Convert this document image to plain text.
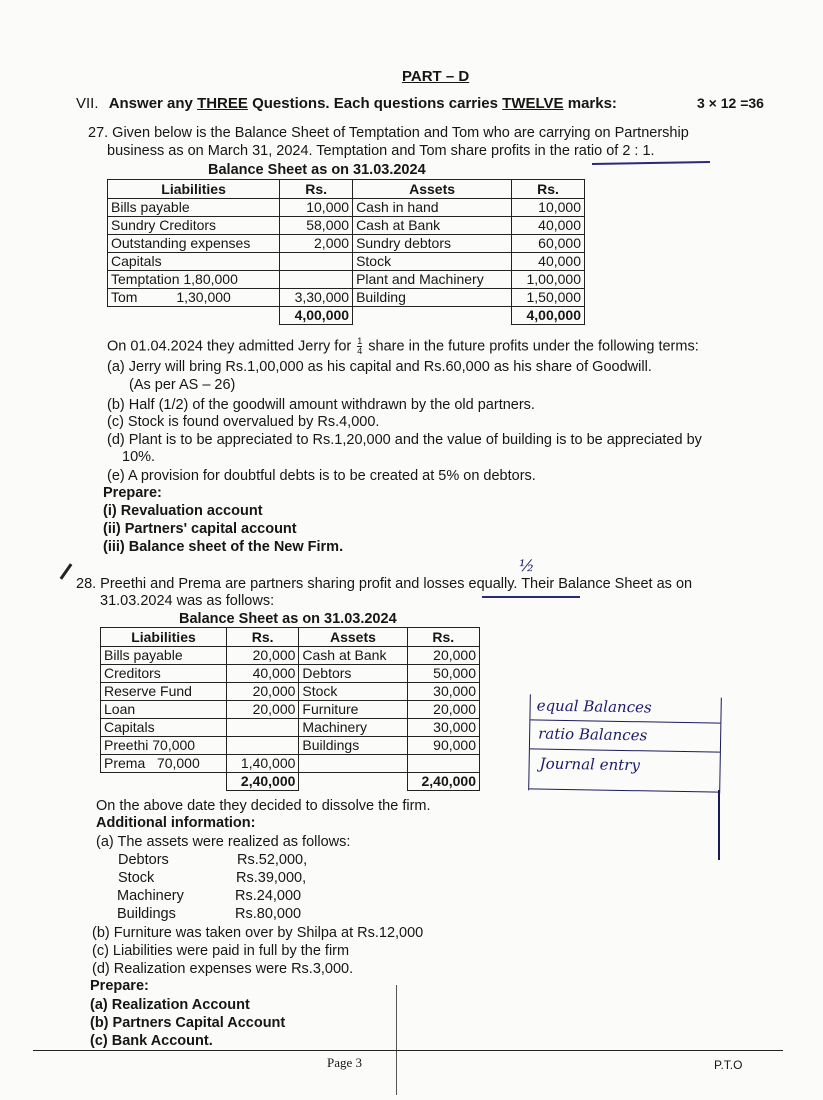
PART – D
VII. Answer any THREE Questions. Each questions carries TWELVE marks:	3 × 12 =36
27. Given below is the Balance Sheet of Temptation and Tom who are carrying on Partnership
business as on March 31, 2024. Temptation and Tom share profits in the ratio of 2 : 1.
Balance Sheet as on 31.03.2024
Liabilities	Rs.	Assets	Rs.
Bills payable	10,000	Cash in hand	10,000
Sundry Creditors	58,000	Cash at Bank	40,000
Outstanding expenses	2,000	Sundry debtors	60,000
Capitals		Stock	40,000
Temptation 1,80,000		Plant and Machinery	1,00,000
Tom          1,30,000	3,30,000	Building	1,50,000
	4,00,000		4,00,000
On 01.04.2024 they admitted Jerry for $\frac{1}{4}$ share in the future profits under the following terms:
(a) Jerry will bring Rs.1,00,000 as his capital and Rs.60,000 as his share of Goodwill.
(As per AS – 26)
(b) Half (1/2) of the goodwill amount withdrawn by the old partners.
(c) Stock is found overvalued by Rs.4,000.
(d) Plant is to be appreciated to Rs.1,20,000 and the value of building is to be appreciated by
10%.
(e) A provision for doubtful debts is to be created at 5% on debtors.
Prepare:
(i) Revaluation account
(ii) Partners' capital account
(iii) Balance sheet of the New Firm.
½
28. Preethi and Prema are partners sharing profit and losses equally. Their Balance Sheet as on
31.03.2024 was as follows:
Balance Sheet as on 31.03.2024
Liabilities	Rs.	Assets	Rs.
Bills payable	20,000	Cash at Bank	20,000
Creditors	40,000	Debtors	50,000
Reserve Fund	20,000	Stock	30,000
Loan	20,000	Furniture	20,000
Capitals		Machinery	30,000
Preethi 70,000		Buildings	90,000
Prema   70,000	1,40,000		
	2,40,000		2,40,000
equal Balances
ratio Balances
Journal entry
On the above date they decided to dissolve the firm.
Additional information:
(a) The assets were realized as follows:
Debtors	Rs.52,000,
Stock	Rs.39,000,
Machinery	Rs.24,000
Buildings	Rs.80,000
(b) Furniture was taken over by Shilpa at Rs.12,000
(c) Liabilities were paid in full by the firm
(d) Realization expenses were Rs.3,000.
Prepare:
(a) Realization Account
(b) Partners Capital Account
(c) Bank Account.
Page 3	P.T.O
